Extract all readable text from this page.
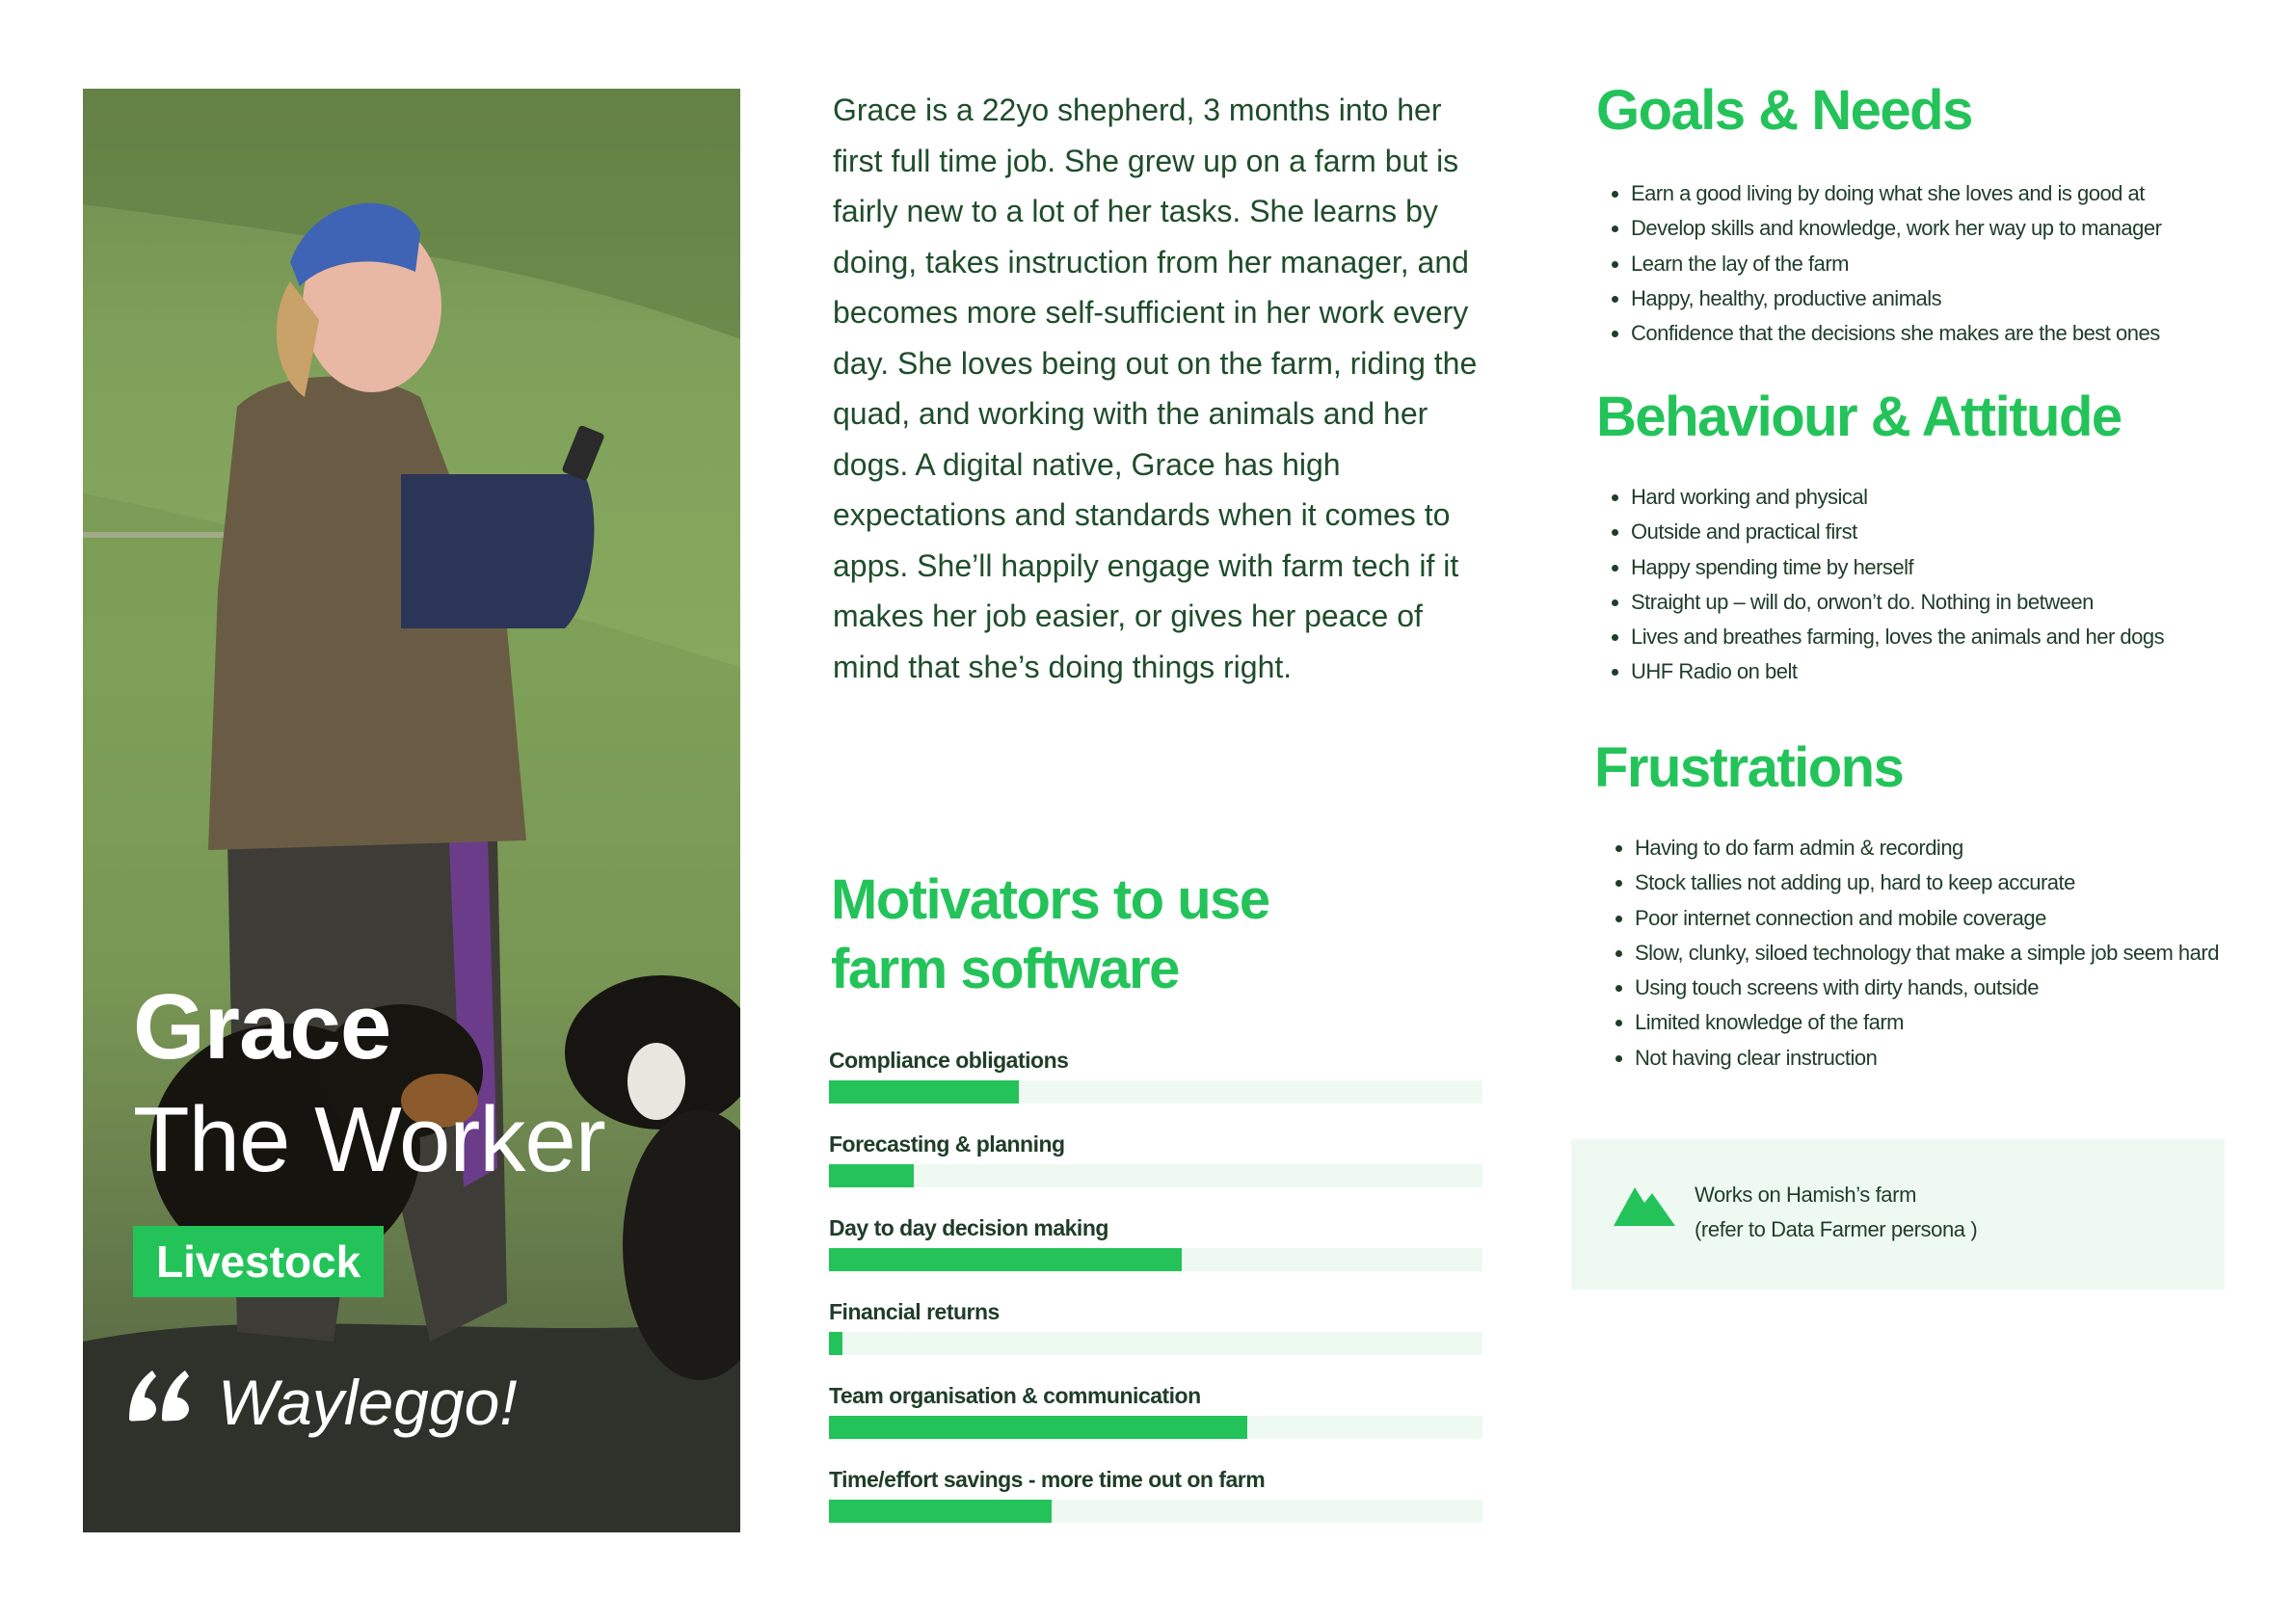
Grace
The Worker
Livestock
Wayleggo!

Grace is a 22yo shepherd, 3 months into her first full time job. She grew up on a farm but is fairly new to a lot of her tasks. She learns by doing, takes instruction from her manager, and becomes more self-sufficient in her work every day. She loves being out on the farm, riding the quad, and working with the animals and her dogs. A digital native, Grace has high expectations and standards when it comes to apps. She’ll happily engage with farm tech if it makes her job easier, or gives her peace of mind that she’s doing things right.

Motivators to use
farm software
Compliance obligations
Forecasting & planning
Day to day decision making
Financial returns
Team organisation & communication
Time/effort savings - more time out on farm
Goals & Needs
• Earn a good living by doing what she loves and is good at
• Develop skills and knowledge, work her way up to manager
• Learn the lay of the farm
• Happy, healthy, productive animals
• Confidence that the decisions she makes are the best ones
Behaviour & Attitude
• Hard working and physical
• Outside and practical first
• Happy spending time by herself
• Straight up – will do, orwon’t do. Nothing in between
• Lives and breathes farming, loves the animals and her dogs
• UHF Radio on belt
Frustrations
• Having to do farm admin & recording
• Stock tallies not adding up, hard to keep accurate
• Poor internet connection and mobile coverage
• Slow, clunky, siloed technology that make a simple job seem hard
• Using touch screens with dirty hands, outside
• Limited knowledge of the farm
• Not having clear instruction
Works on Hamish’s farm
(refer to Data Farmer persona )
